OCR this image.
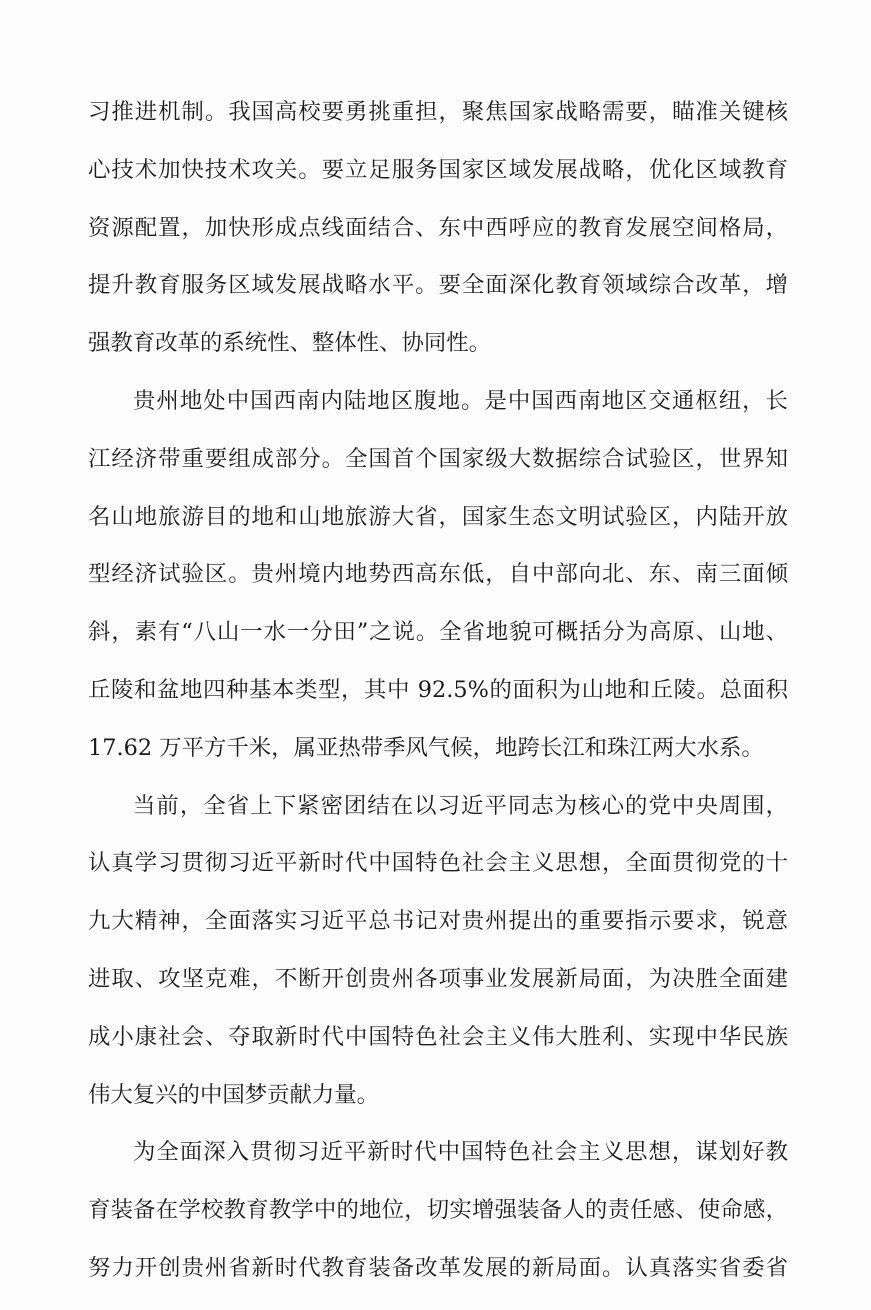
习推进机制。我国高校要勇挑重担，聚焦国家战略需要，瞄准关键核
心技术加快技术攻关。要立足服务国家区域发展战略，优化区域教育
资源配置，加快形成点线面结合、东中西呼应的教育发展空间格局，
提升教育服务区域发展战略水平。要全面深化教育领域综合改革，增
强教育改革的系统性、整体性、协同性。
贵州地处中国西南内陆地区腹地。是中国西南地区交通枢纽，长
江经济带重要组成部分。全国首个国家级大数据综合试验区，世界知
名山地旅游目的地和山地旅游大省，国家生态文明试验区，内陆开放
型经济试验区。贵州境内地势西高东低，自中部向北、东、南三面倾
斜，素有“八山一水一分田”之说。全省地貌可概括分为高原、山地、
丘陵和盆地四种基本类型，其中 92.5%的面积为山地和丘陵。总面积
17.62 万平方千米，属亚热带季风气候，地跨长江和珠江两大水系。
当前，全省上下紧密团结在以习近平同志为核心的党中央周围，
认真学习贯彻习近平新时代中国特色社会主义思想，全面贯彻党的十
九大精神，全面落实习近平总书记对贵州提出的重要指示要求，锐意
进取、攻坚克难，不断开创贵州各项事业发展新局面，为决胜全面建
成小康社会、夺取新时代中国特色社会主义伟大胜利、实现中华民族
伟大复兴的中国梦贡献力量。
为全面深入贯彻习近平新时代中国特色社会主义思想，谋划好教
育装备在学校教育教学中的地位，切实增强装备人的责任感、使命感，
努力开创贵州省新时代教育装备改革发展的新局面。认真落实省委省
